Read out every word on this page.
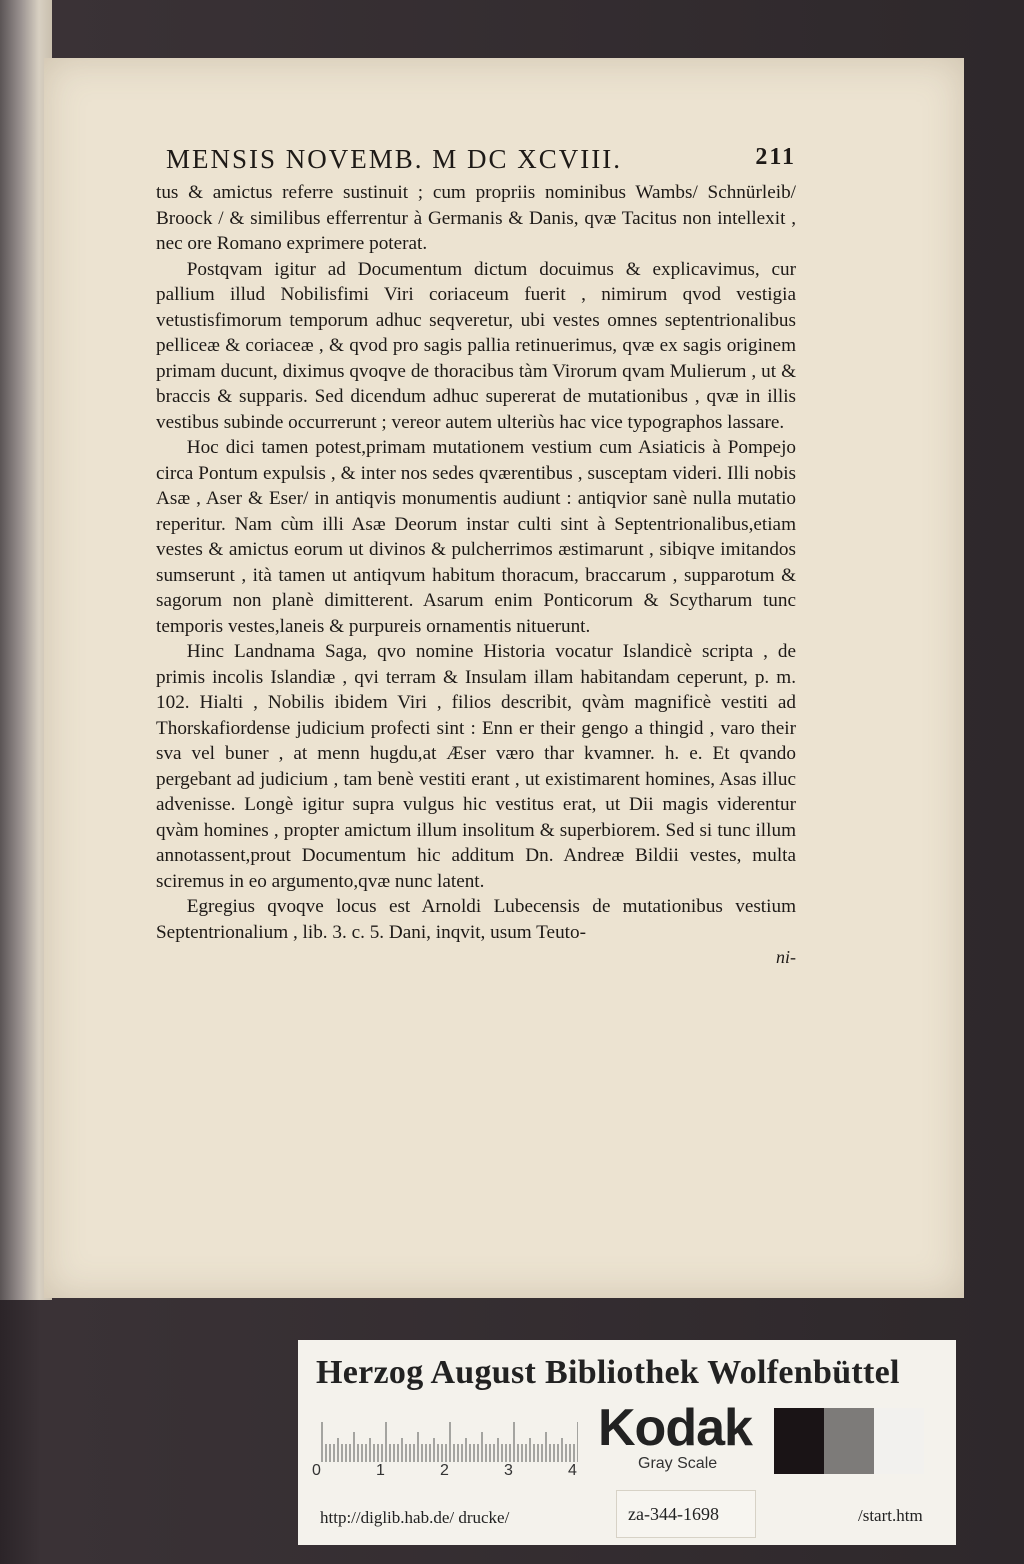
MENSIS NOVEMB. M DC XCVIII.	211

tus & amictus referre sustinuit ; cum propriis nominibus Wambs/ Schnürleib/ Broock / & similibus efferrentur à Germanis & Danis, qvæ Tacitus non intellexit , nec ore Romano exprimere poterat.

Postqvam igitur ad Documentum dictum docuimus & explicavimus, cur pallium illud Nobilisfimi Viri coriaceum fuerit , nimirum qvod vestigia vetustisfimorum temporum adhuc seqveretur, ubi vestes omnes septentrionalibus pelliceæ & coriaceæ , & qvod pro sagis pallia retinuerimus, qvæ ex sagis originem primam ducunt, diximus qvoqve de thoracibus tàm Virorum qvam Mulierum , ut & braccis & supparis. Sed dicendum adhuc supererat de mutationibus , qvæ in illis vestibus subinde occurrerunt ; vereor autem ulteriùs hac vice typographos lassare.

Hoc dici tamen potest,primam mutationem vestium cum Asiaticis à Pompejo circa Pontum expulsis , & inter nos sedes qværentibus , susceptam videri. Illi nobis Asæ , Aser & Eser/ in antiqvis monumentis audiunt : antiqvior sanè nulla mutatio reperitur. Nam cùm illi Asæ Deorum instar culti sint à Septentrionalibus,etiam vestes & amictus eorum ut divinos & pulcherrimos æstimarunt , sibiqve imitandos sumserunt , ità tamen ut antiqvum habitum thoracum, braccarum , supparotum & sagorum non planè dimitterent. Asarum enim Ponticorum & Scytharum tunc temporis vestes,laneis & purpureis ornamentis nituerunt.

Hinc Landnama Saga, qvo nomine Historia vocatur Islandicè scripta , de primis incolis Islandiæ , qvi terram & Insulam illam habitandam ceperunt, p. m. 102. Hialti , Nobilis ibidem Viri , filios describit, qvàm magnificè vestiti ad Thorskafiordense judicium profecti sint : Enn er their gengo a thingid , varo their sva vel buner , at menn hugdu,at Æser væro thar kvamner. h. e. Et qvando pergebant ad judicium , tam benè vestiti erant , ut existimarent homines, Asas illuc advenisse. Longè igitur supra vulgus hic vestitus erat, ut Dii magis viderentur qvàm homines , propter amictum illum insolitum & superbiorem. Sed si tunc illum annotassent,prout Documentum hic additum Dn. Andreæ Bildii vestes, multa sciremus in eo argumento,qvæ nunc latent.

Egregius qvoqve locus est Arnoldi Lubecensis de mutationibus vestium Septentrionalium , lib. 3. c. 5. Dani, inqvit, usum Teuto-

ni-

Herzog August Bibliothek Wolfenbüttel
0	1	2	3	4
Kodak
Gray Scale
http://diglib.hab.de/ drucke/	za-344-1698	/start.htm
